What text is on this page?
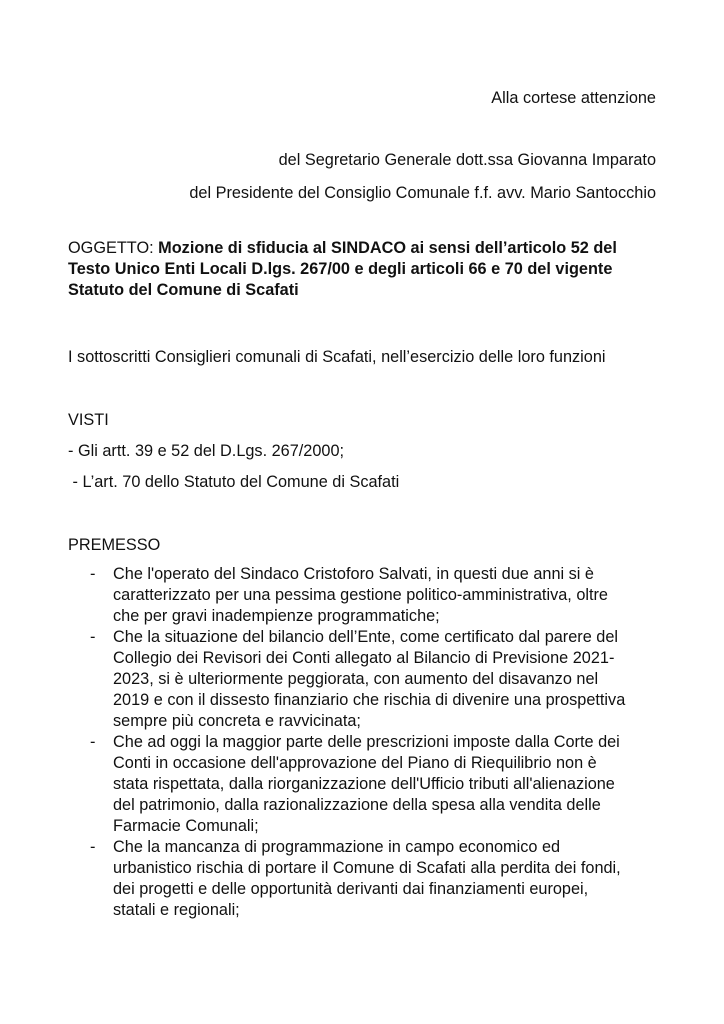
Alla cortese attenzione
del Segretario Generale dott.ssa Giovanna Imparato
del Presidente del Consiglio Comunale f.f. avv. Mario Santocchio
OGGETTO: Mozione di sfiducia al SINDACO ai sensi dell’articolo 52 del
Testo Unico Enti Locali D.lgs. 267/00 e degli articoli 66 e 70 del vigente
Statuto del Comune di Scafati
I sottoscritti Consiglieri comunali di Scafati, nell’esercizio delle loro funzioni
VISTI
- Gli artt. 39 e 52 del D.Lgs. 267/2000;
- L’art. 70 dello Statuto del Comune di Scafati
PREMESSO
- Che l'operato del Sindaco Cristoforo Salvati, in questi due anni si è
caratterizzato per una pessima gestione politico-amministrativa, oltre
che per gravi inadempienze programmatiche;
- Che la situazione del bilancio dell’Ente, come certificato dal parere del
Collegio dei Revisori dei Conti allegato al Bilancio di Previsione 2021-
2023, si è ulteriormente peggiorata, con aumento del disavanzo nel
2019 e con il dissesto finanziario che rischia di divenire una prospettiva
sempre più concreta e ravvicinata;
- Che ad oggi la maggior parte delle prescrizioni imposte dalla Corte dei
Conti in occasione dell'approvazione del Piano di Riequilibrio non è
stata rispettata, dalla riorganizzazione dell'Ufficio tributi all'alienazione
del patrimonio, dalla razionalizzazione della spesa alla vendita delle
Farmacie Comunali;
- Che la mancanza di programmazione in campo economico ed
urbanistico rischia di portare il Comune di Scafati alla perdita dei fondi,
dei progetti e delle opportunità derivanti dai finanziamenti europei,
statali e regionali;
